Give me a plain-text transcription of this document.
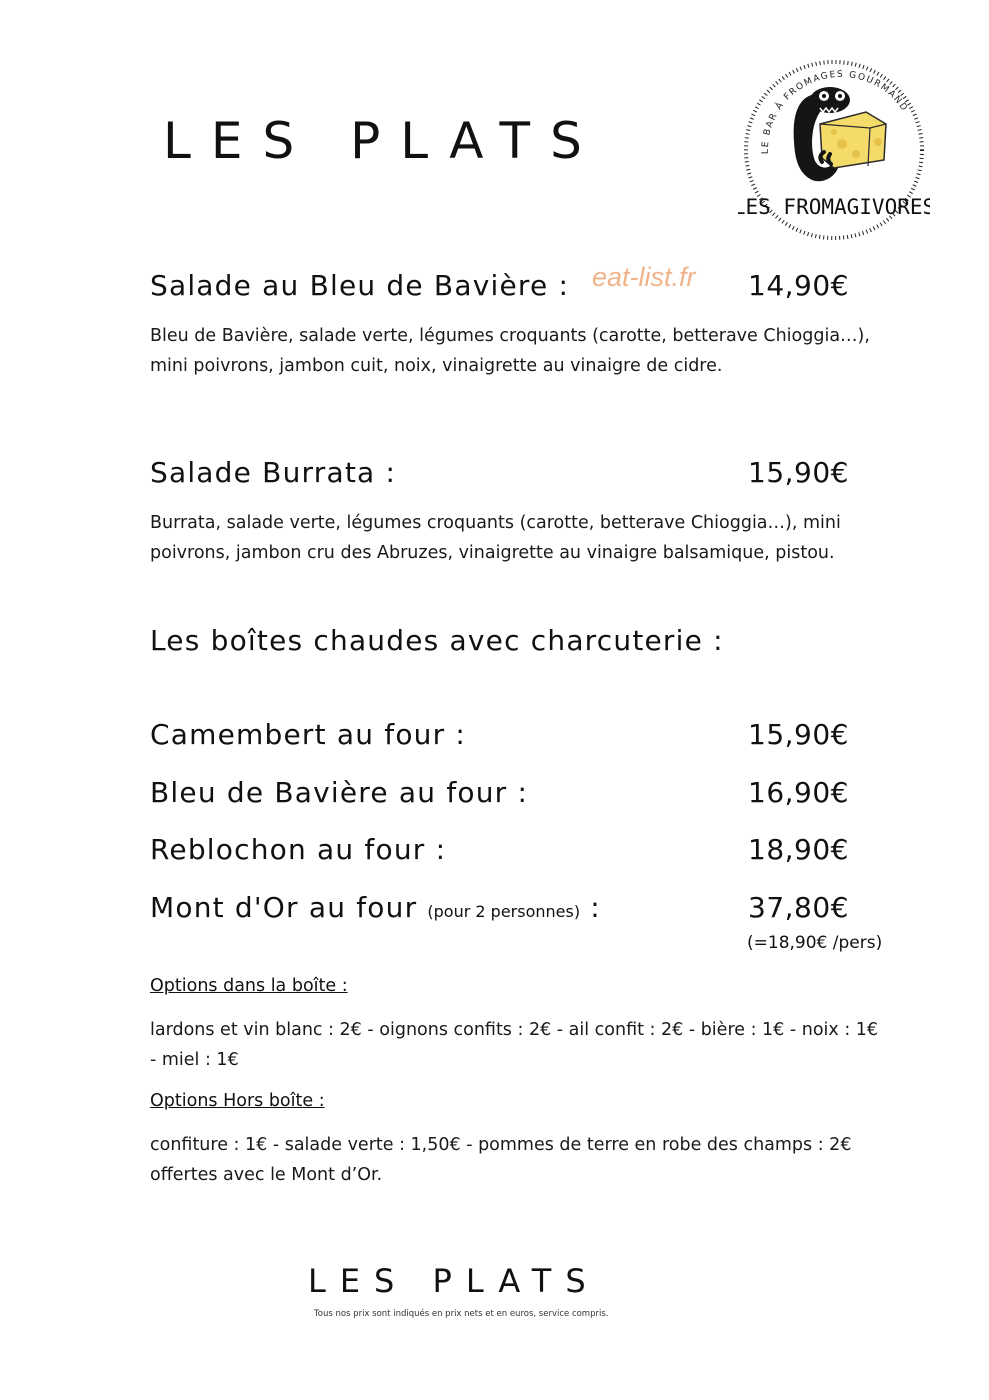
LES PLATS
eat-list.fr
LE BAR À FROMAGES GOURMAND
LES FROMAGIVORES
Salade au Bleu de Bavière :	14,90€
Bleu de Bavière, salade verte, légumes croquants (carotte, betterave Chioggia…),
mini poivrons, jambon cuit, noix, vinaigrette au vinaigre de cidre.
Salade Burrata :	15,90€
Burrata, salade verte, légumes croquants (carotte, betterave Chioggia…), mini
poivrons, jambon cru des Abruzes, vinaigrette au vinaigre balsamique, pistou.
Les boîtes chaudes avec charcuterie :
Camembert au four :	15,90€
Bleu de Bavière au four :	16,90€
Reblochon au four :	18,90€
Mont d'Or au four (pour 2 personnes) :	37,80€
(=18,90€ /pers)
Options dans la boîte :
lardons et vin blanc : 2€ - oignons confits : 2€ - ail confit : 2€ - bière : 1€ - noix : 1€
- miel : 1€
Options Hors boîte :
confiture : 1€ - salade verte : 1,50€ - pommes de terre en robe des champs : 2€
offertes avec le Mont d’Or.
LES PLATS
Tous nos prix sont indiqués en prix nets et en euros, service compris.
